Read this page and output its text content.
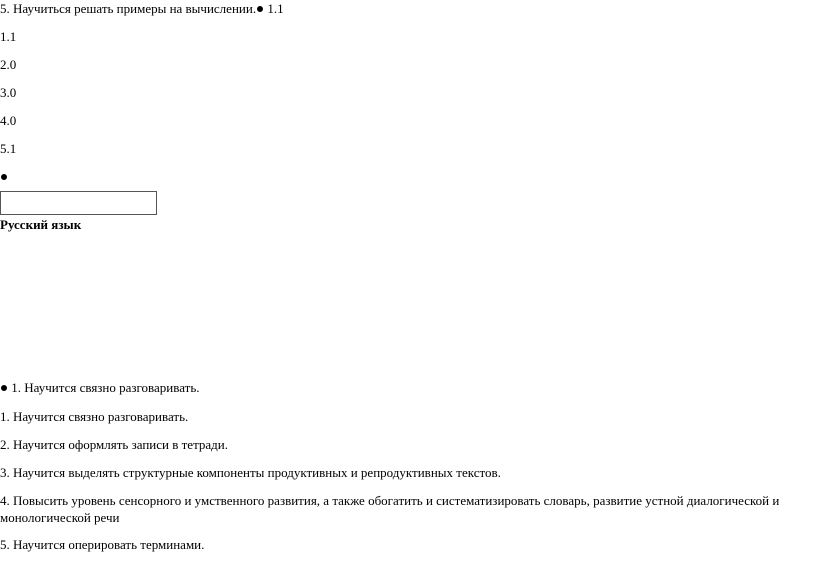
5. Научиться решать примеры на вычислении. 1.1
1.1
2.0
3.0
4.0
5.1
Русский язык
1. Научится связно разговаривать.
1. Научится связно разговаривать.
2. Научится оформлять записи в тетради.
3. Научится выделять структурные компоненты продуктивных и репродуктивных текстов.
4. Повысить уровень сенсорного и умственного развития, а также обогатить и систематизировать словарь, развитие устной диалогической и монологической речи
5. Научится оперировать терминами.
